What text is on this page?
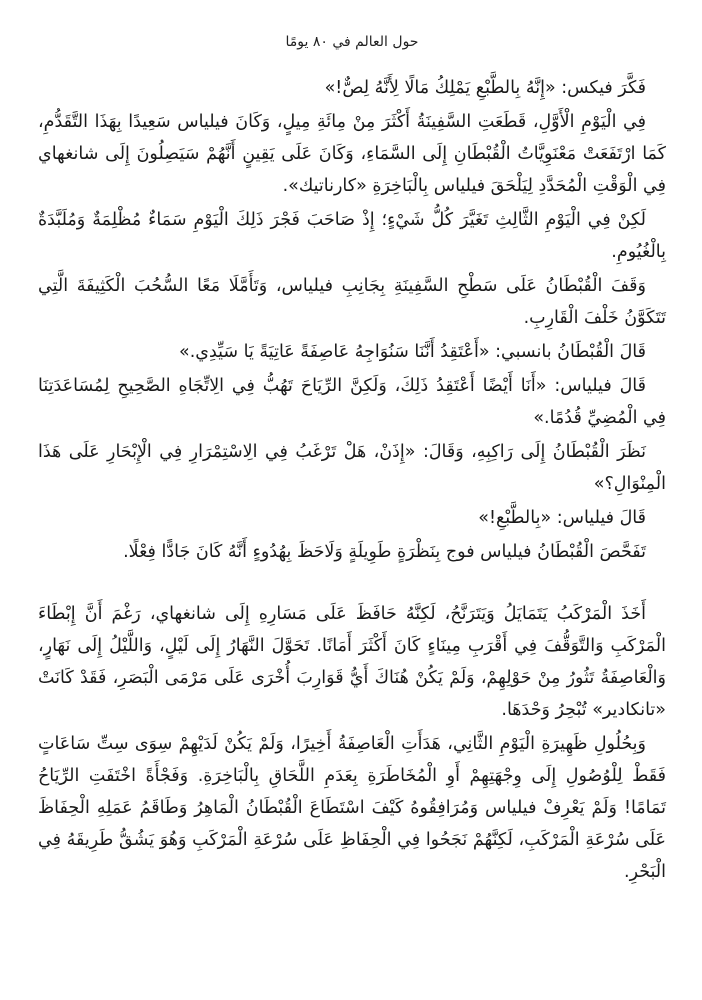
حول العالم في ٨٠ يومًا

فَكَّرَ فيكس: «إِنَّهُ بِالطَّبْعِ يَمْلِكُ مَالًا لِأَنَّهُ لِصٌّ!»

فِي الْيَوْمِ الْأَوَّلِ، قَطَعَتِ السَّفِينَةُ أَكْثَرَ مِنْ مِائَةِ مِيلٍ، وَكَانَ فيلياس سَعِيدًا بِهَذَا التَّقَدُّمِ، كَمَا ارْتَفَعَتْ مَعْنَوِيَّاتُ الْقُبْطَانِ إِلَى السَّمَاءِ، وَكَانَ عَلَى يَقِينٍ أَنَّهُمْ سَيَصِلُونَ إِلَى شانغهاي فِي الْوَقْتِ الْمُحَدَّدِ لِيَلْحَقَ فيلياس بِالْبَاخِرَةِ «كارناتيك».

لَكِنْ فِي الْيَوْمِ الثَّالِثِ تَغَيَّرَ كُلُّ شَيْءٍ؛ إِذْ صَاحَبَ فَجْرَ ذَلِكَ الْيَوْمِ سَمَاءٌ مُظْلِمَةٌ وَمُلَبَّدَةٌ بِالْغُيُومِ.

وَقَفَ الْقُبْطَانُ عَلَى سَطْحِ السَّفِينَةِ بِجَانِبِ فيلياس، وَتَأَمَّلَا مَعًا السُّحُبَ الْكَثِيفَةَ الَّتِي تَتَكَوَّنُ خَلْفَ الْقَارِبِ.

قَالَ الْقُبْطَانُ بانسبي: «أَعْتَقِدُ أَنَّنَا سَنُوَاجِهُ عَاصِفَةً عَاتِيَةً يَا سَيِّدِي.»

قَالَ فيلياس: «أَنَا أَيْضًا أَعْتَقِدُ ذَلِكَ، وَلَكِنَّ الرِّيَاحَ تَهُبُّ فِي الِاتِّجَاهِ الصَّحِيحِ لِمُسَاعَدَتِنَا فِي الْمُضِيِّ قُدُمًا.»

نَظَرَ الْقُبْطَانُ إِلَى رَاكِبِهِ، وَقَالَ: «إِذَنْ، هَلْ تَرْغَبُ فِي الِاسْتِمْرَارِ فِي الْإِبْحَارِ عَلَى هَذَا الْمِنْوَالِ؟»

قَالَ فيلياس: «بِالطَّبْعِ!»

تَفَحَّصَ الْقُبْطَانُ فيلياس فوج بِنَظْرَةٍ طَوِيلَةٍ وَلَاحَظَ بِهُدُوءٍ أَنَّهُ كَانَ جَادًّا فِعْلًا.

أَخَذَ الْمَرْكَبُ يَتَمَايَلُ وَيَتَرَنَّحُ، لَكِنَّهُ حَافَظَ عَلَى مَسَارِهِ إِلَى شانغهاي، رَغْمَ أَنَّ إِبْطَاءَ الْمَرْكَبِ وَالتَّوَقُّفَ فِي أَقْرَبِ مِينَاءٍ كَانَ أَكْثَرَ أَمَانًا. تَحَوَّلَ النَّهَارُ إِلَى لَيْلٍ، وَاللَّيْلُ إِلَى نَهَارٍ، وَالْعَاصِفَةُ تَثُورُ مِنْ حَوْلِهِمْ، وَلَمْ يَكُنْ هُنَاكَ أَيُّ قَوَارِبَ أُخْرَى عَلَى مَرْمَى الْبَصَرِ، فَقَدْ كَانَتْ «تانكادير» تُبْحِرُ وَحْدَهَا.

وَبِحُلُولِ ظَهِيرَةِ الْيَوْمِ الثَّانِي، هَدَأَتِ الْعَاصِفَةُ أَخِيرًا، وَلَمْ يَكُنْ لَدَيْهِمْ سِوَى سِتِّ سَاعَاتٍ فَقَطْ لِلْوُصُولِ إِلَى وِجْهَتِهِمْ أَوِ الْمُخَاطَرَةِ بِعَدَمِ اللَّحَاقِ بِالْبَاخِرَةِ. وَفَجْأَةً اخْتَفَتِ الرِّيَاحُ تَمَامًا! وَلَمْ يَعْرِفْ فيلياس وَمُرَافِقُوهُ كَيْفَ اسْتَطَاعَ الْقُبْطَانُ الْمَاهِرُ وَطَاقَمُ عَمَلِهِ الْحِفَاظَ عَلَى سُرْعَةِ الْمَرْكَبِ، لَكِنَّهُمْ نَجَحُوا فِي الْحِفَاظِ عَلَى سُرْعَةِ الْمَرْكَبِ وَهُوَ يَشُقُّ طَرِيقَهُ فِي الْبَحْرِ.
